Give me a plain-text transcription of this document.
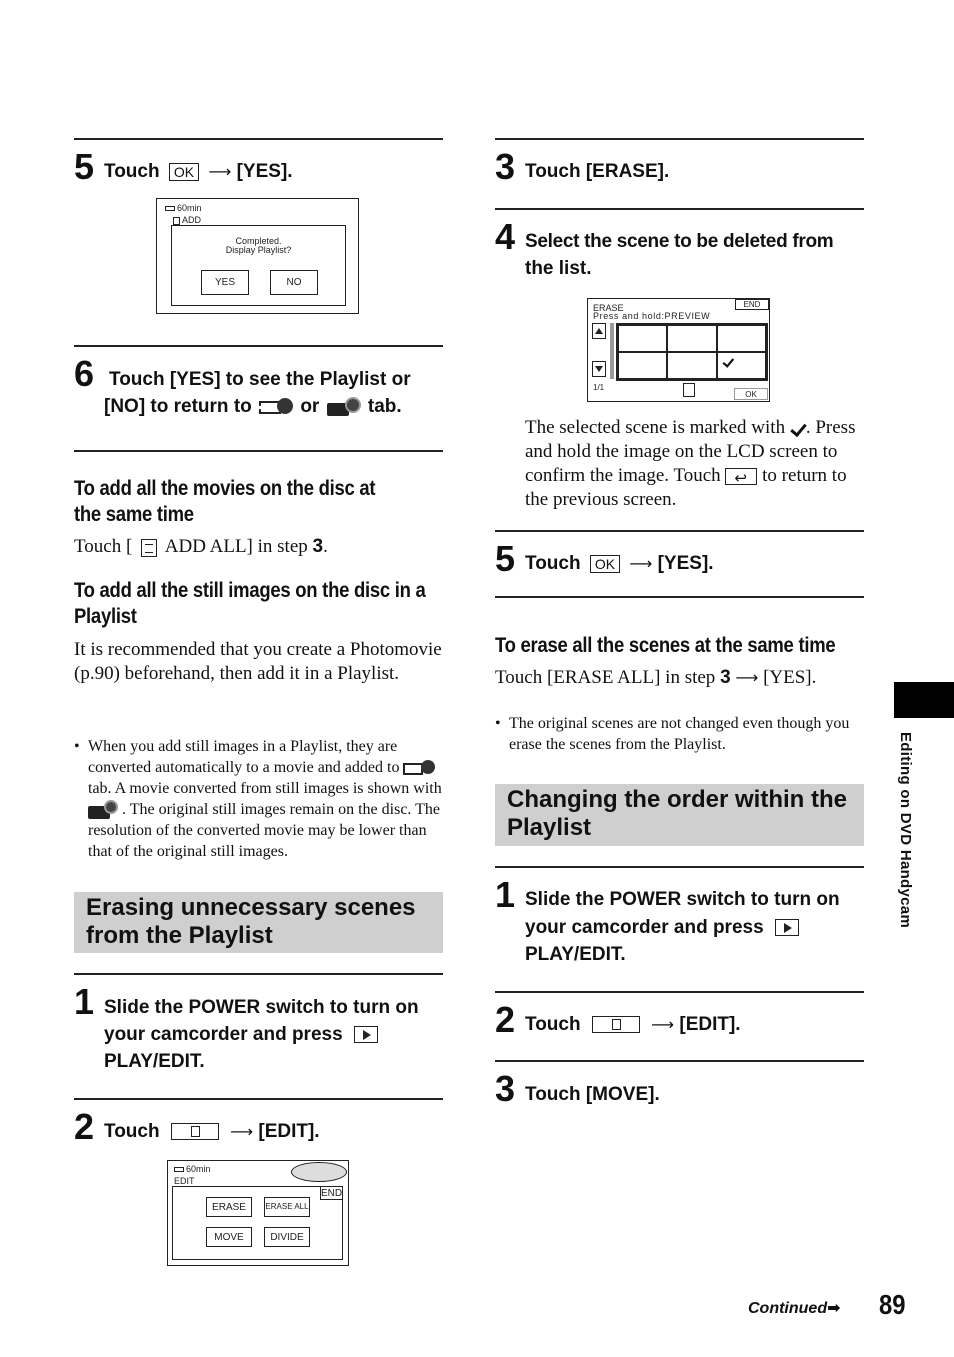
5 Touch OK ⟶ [YES].
60min
ADD
Completed.
Display Playlist?
YES	NO
6 Touch [YES] to see the Playlist or
[NO] to return to	or	tab.
To add all the movies on the disc at the same time
Touch [ ADD ALL] in step 3.
To add all the still images on the disc in a Playlist
It is recommended that you create a Photomovie (p.90) beforehand, then add it in a Playlist.
• When you add still images in a Playlist, they are converted automatically to a movie and added to
tab. A movie converted from still images is shown with
. The original still images remain on the disc. The resolution of the converted movie may be lower than that of the original still images.
Erasing unnecessary scenes from the Playlist
1 Slide the POWER switch to turn on
your camcorder and press
PLAY/EDIT.
2 Touch	⟶ [EDIT].
60min
EDIT
ERASE	ERASE ALL
MOVE	DIVIDE
END
3 Touch [ERASE].
4 Select the scene to be deleted from
the list.
ERASE
Press and hold:PREVIEW
END
1/1
OK
The selected scene is marked with . Press and hold the image on the LCD screen to confirm the image. Touch ↩ to return to the previous screen.
5 Touch OK ⟶ [YES].
To erase all the scenes at the same time
Touch [ERASE ALL] in step 3 ⟶ [YES].
• The original scenes are not changed even though you erase the scenes from the Playlist.
Changing the order within the Playlist
1 Slide the POWER switch to turn on
your camcorder and press
PLAY/EDIT.
2 Touch	⟶ [EDIT].
3 Touch [MOVE].
Editing on DVD Handycam
Continued➡ 89
